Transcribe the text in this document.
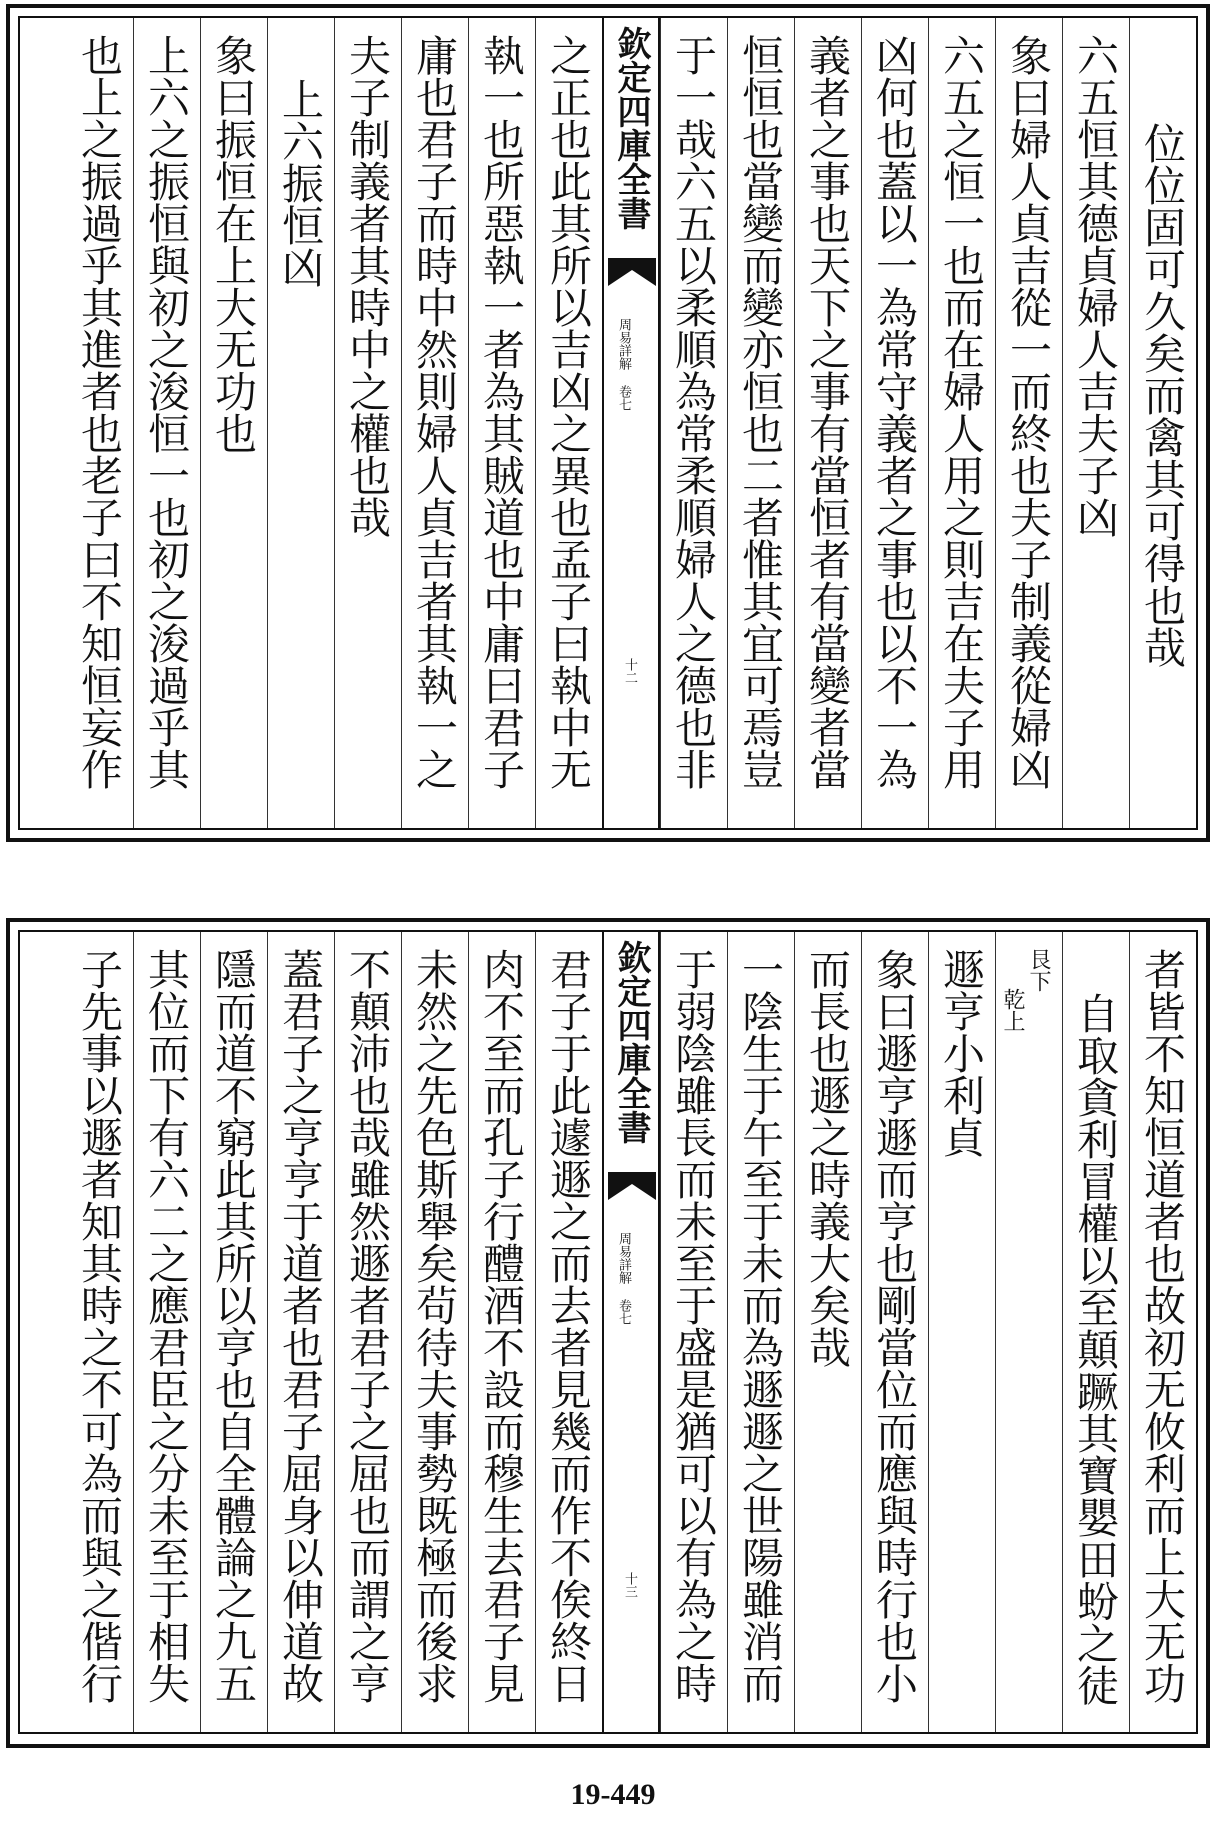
位位固可久矣而禽其可得也哉
六五恒其德貞婦人吉夫子凶
象曰婦人貞吉從一而終也夫子制義從婦凶
六五之恒一也而在婦人用之則吉在夫子用
凶何也蓋以一為常守義者之事也以不一為
義者之事也天下之事有當恒者有當變者當
恒恒也當變而變亦恒也二者惟其宜可焉豈
于一哉六五以柔順為常柔順婦人之德也非
欽定四庫全書
周易詳解 卷七
十二
之正也此其所以吉凶之異也孟子曰執中无
執一也所惡執一者為其賊道也中庸曰君子
庸也君子而時中然則婦人貞吉者其執一之
夫子制義者其時中之權也哉
上六振恒凶
象曰振恒在上大无功也
上六之振恒與初之浚恒一也初之浚過乎其
也上之振過乎其進者也老子曰不知恒妄作
者皆不知恒道者也故初无攸利而上大无功
自取貪利冒權以至顛蹶其寶嬰田蚡之徒
遯亨小利貞
象曰遯亨遯而亨也剛當位而應與時行也小
而長也遯之時義大矣哉
一陰生于午至于未而為遯遯之世陽雖消而
于弱陰雖長而未至于盛是猶可以有為之時
欽定四庫全書
周易詳解 卷七
十三
君子于此遽遯之而去者見幾而作不俟終日
肉不至而孔子行醴酒不設而穆生去君子見
未然之先色斯舉矣茍待夫事勢既極而後求
不顛沛也哉雖然遯者君子之屈也而謂之亨
蓋君子之亨亨于道者也君子屈身以伸道故
隱而道不窮此其所以亨也自全體論之九五
其位而下有六二之應君臣之分未至于相失
子先事以遯者知其時之不可為而與之偕行
艮下
乾上
19-449
